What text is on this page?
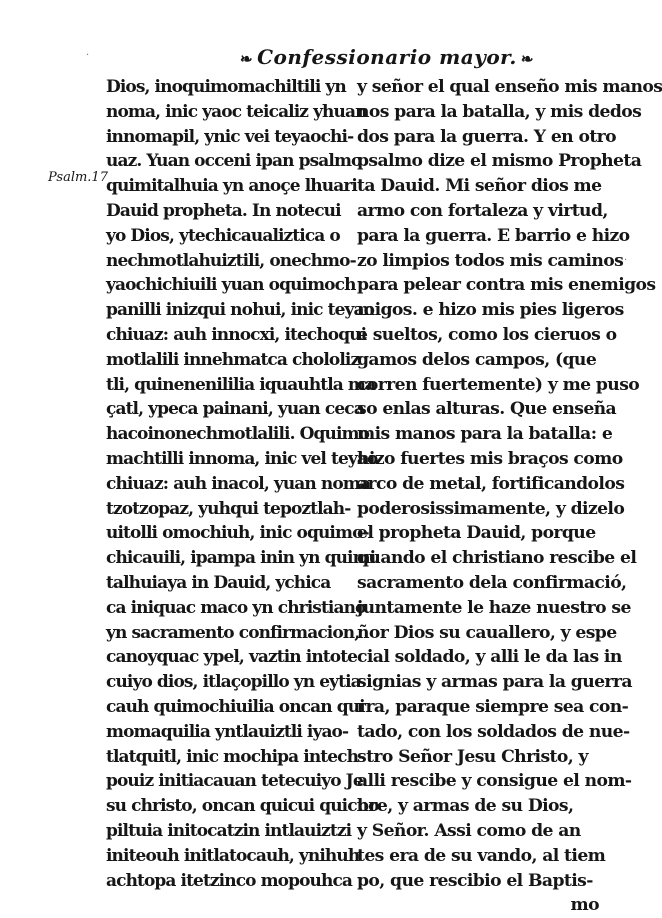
❧ Confessionario mayor. ❧
Psalm.17
Dios, inoquimomachiltili yn
noma, inic yaoc teicaliz yhuan
innomapil, ynic vei teyaochi-
uaz. Yuan occeni ipan psalmo
quimitalhuia yn anoçe lhuari
Dauid propheta. In notecui
yo Dios, ytechicaualiztica o
nechmotlahuiztili, onechmo-
yaochichiuili yuan oquimoch
panilli inizqui nohui, inic teyao
chiuaz: auh innocxi, itechoqui
motlalili innehmatca chololiz
tli, quinenenililia iquauhtla ma
çatl, ypeca painani, yuan ceca
hacoinonechmotlalili. Oquimo
machtilli innoma, inic vel teyao
chiuaz: auh inacol, yuan noma
tzotzopaz, yuhqui tepoztlah-
uitolli omochiuh, inic oquimo-
chicauili, ipampa inin yn quimi
talhuiaya in Dauid, ychica
ca iniquac maco yn christiano
yn sacramento confirmacion,
canoyquac ypel, vaztin intote
cuiyo dios, itlaçopillo yn eytia
cauh quimochiuilia oncan qui
momaquilia yntlauiztli iyao-
tlatquitl, inic mochipa intech-
pouiz initiacauan tetecuiyo Je
su christo, oncan quicui quicno
piltuia initocatzin intlauiztzi
initeouh initlatocauh, ynihuh
achtopa itetzinco mopouhca
y señor el qual enseño mis manos
nos para la batalla, y mis dedos
dos para la guerra. Y en otro
psalmo dize el mismo Propheta
ta Dauid. Mi señor dios me
armo con fortaleza y virtud,
para la guerra. E barrio e hizo
zo limpios todos mis caminos
para pelear contra mis enemigos
migos. e hizo mis pies ligeros
e sueltos, como los cieruos o
gamos delos campos, (que
corren fuertemente) y me puso
so enlas alturas. Que enseña
mis manos para la batalla: e
hizo fuertes mis braços como
arco de metal, fortificandolos
poderosissimamente, y dizelo
el propheta Dauid, porque
quando el christiano rescibe el
sacramento dela confirmació,
juntamente le haze nuestro se
ñor Dios su cauallero, y espe
cial soldado, y alli le da las in
signias y armas para la guerra
rra, paraque siempre sea con-
tado, con los soldados de nue-
stro Señor Jesu Christo, y
alli rescibe y consigue el nom-
bre, y armas de su Dios,
y Señor. Assi como de an
tes era de su vando, al tiem
po, que rescibio el Baptis-
mo
·
·
